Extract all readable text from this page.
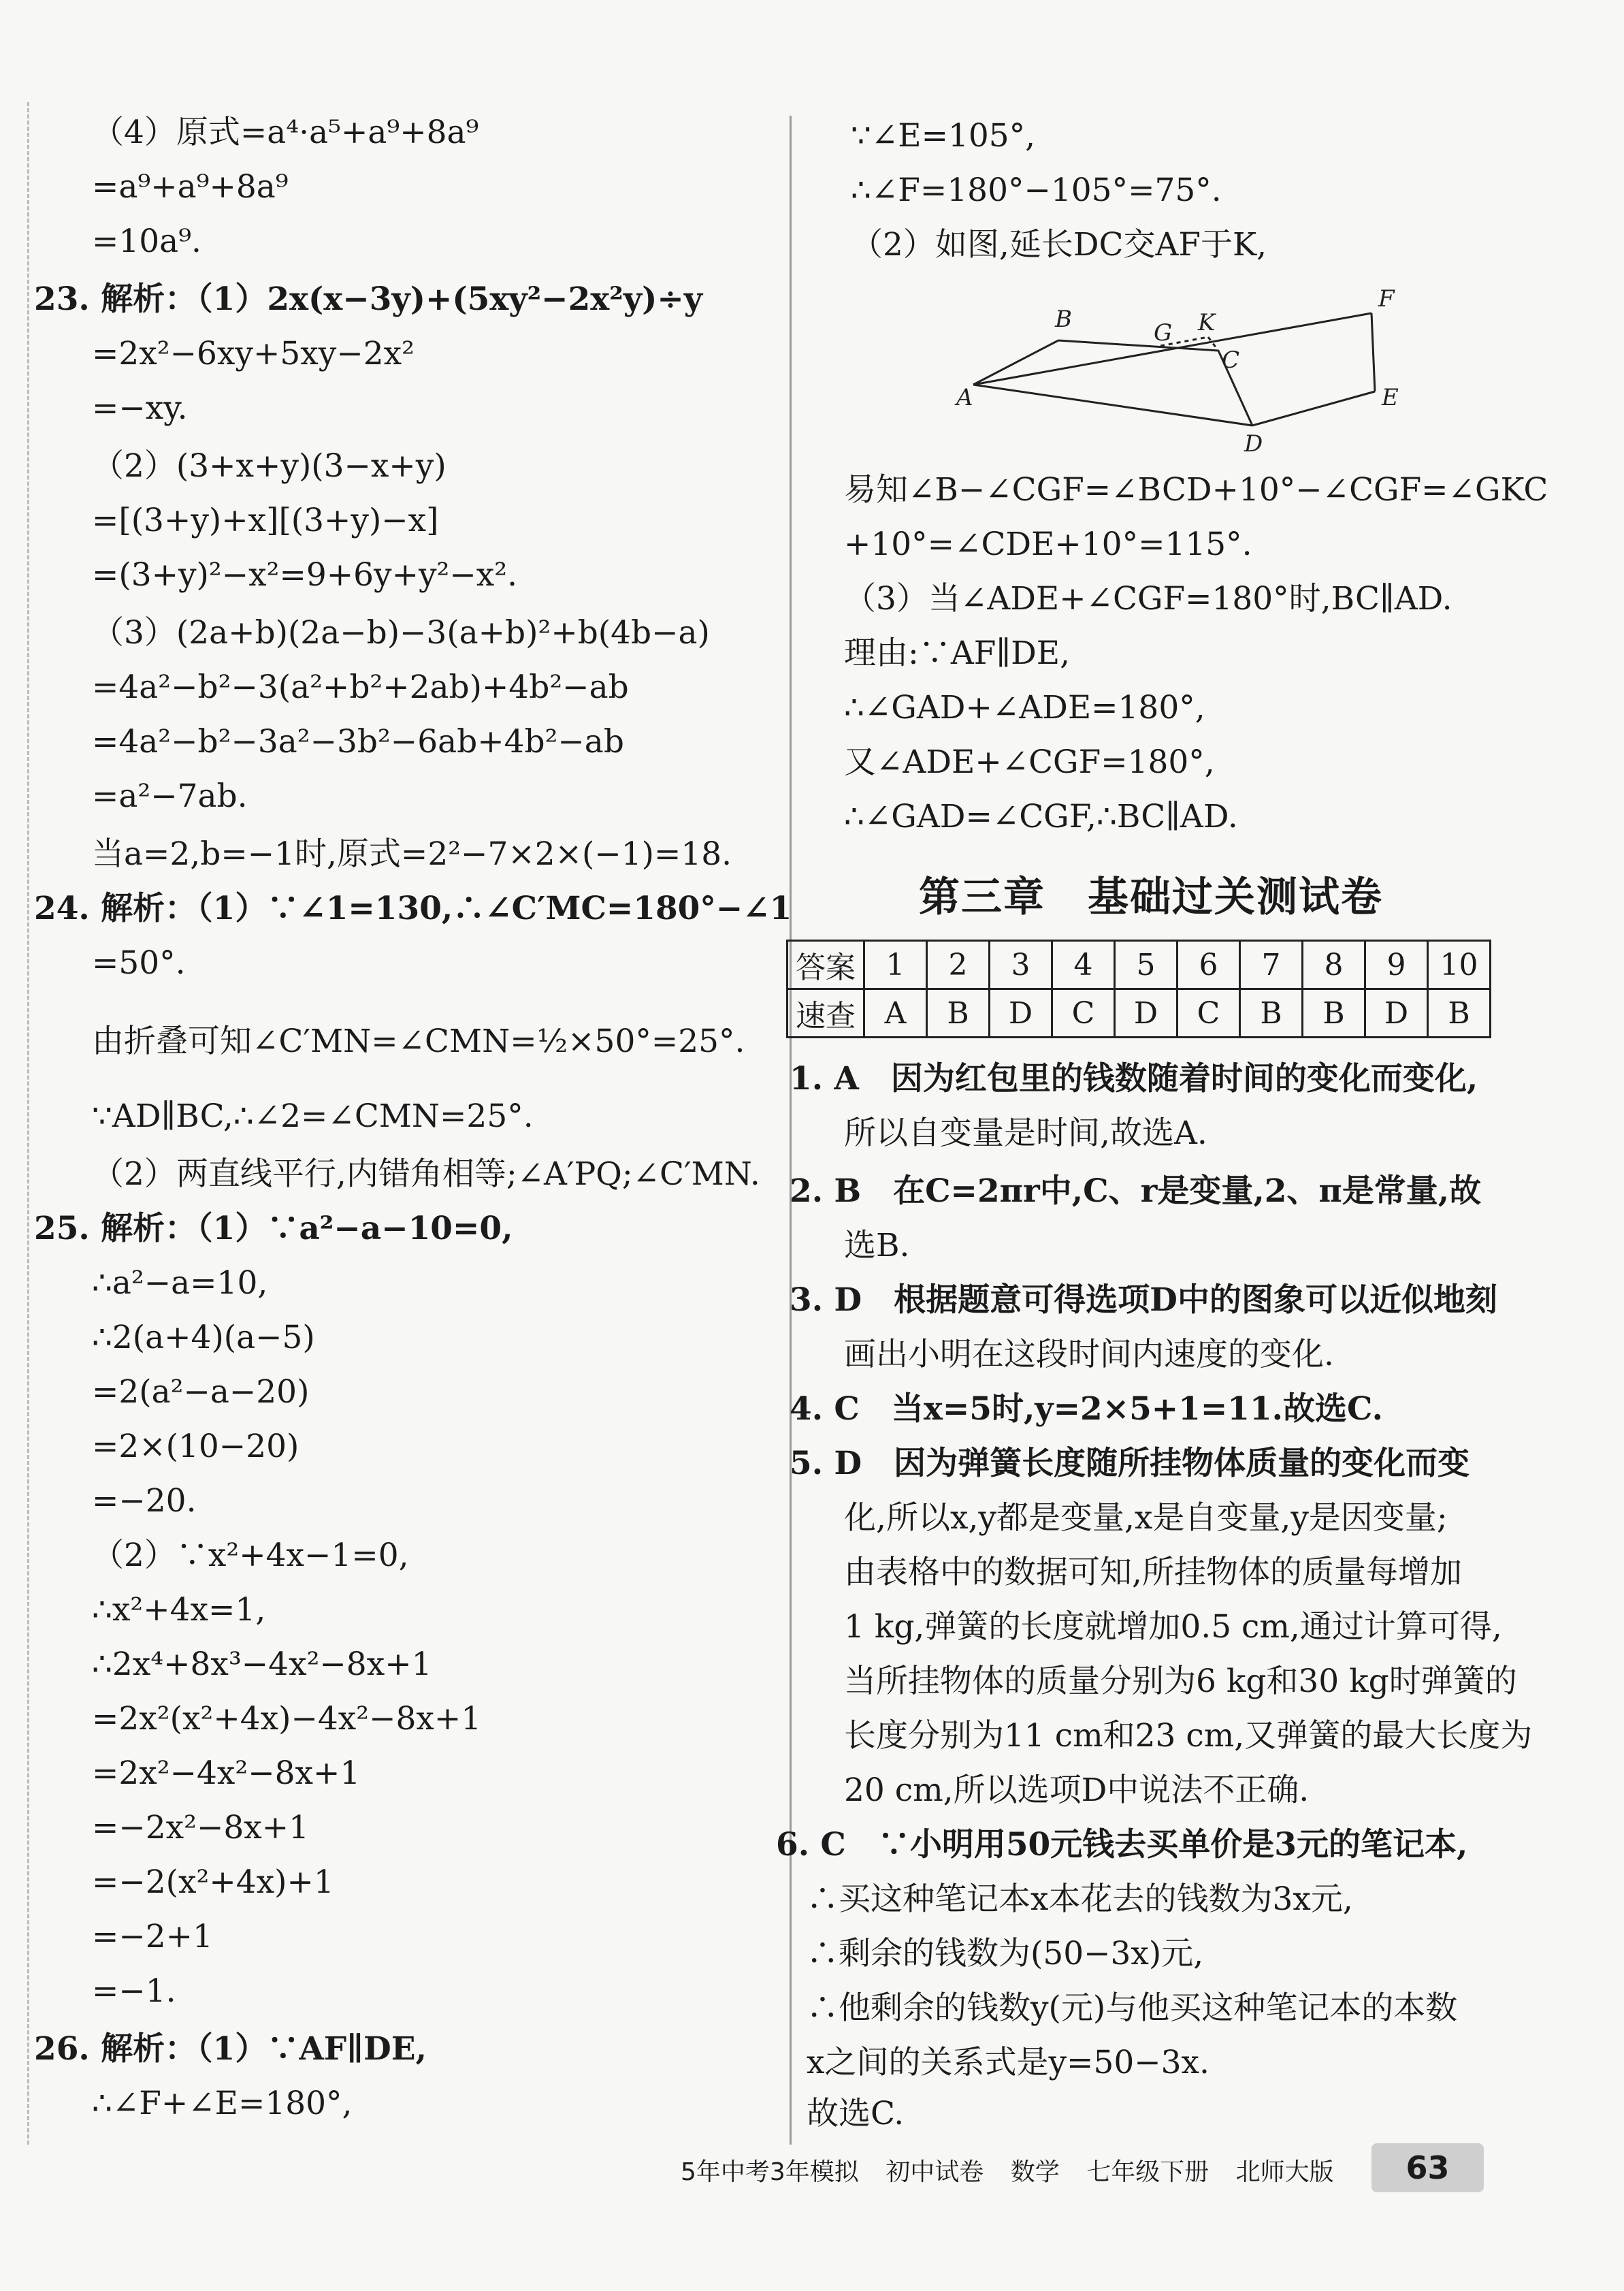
（4）原式=a⁴·a⁵+a⁹+8a⁹
=a⁹+a⁹+8a⁹
=10a⁹.
23. 解析：（1）2x(x−3y)+(5xy²−2x²y)÷y
=2x²−6xy+5xy−2x²
=−xy.
（2）(3+x+y)(3−x+y)
=[(3+y)+x][(3+y)−x]
=(3+y)²−x²=9+6y+y²−x².
（3）(2a+b)(2a−b)−3(a+b)²+b(4b−a)
=4a²−b²−3(a²+b²+2ab)+4b²−ab
=4a²−b²−3a²−3b²−6ab+4b²−ab
=a²−7ab.
当a=2,b=−1时,原式=2²−7×2×(−1)=18.
24. 解析：（1）∵∠1=130,∴∠C′MC=180°−∠1
=50°.
由折叠可知∠C′MN=∠CMN=½×50°=25°.
∵AD∥BC,∴∠2=∠CMN=25°.
（2）两直线平行,内错角相等;∠A′PQ;∠C′MN.
25. 解析：（1）∵a²−a−10=0,
∴a²−a=10,
∴2(a+4)(a−5)
=2(a²−a−20)
=2×(10−20)
=−20.
（2）∵x²+4x−1=0,
∴x²+4x=1,
∴2x⁴+8x³−4x²−8x+1
=2x²(x²+4x)−4x²−8x+1
=2x²−4x²−8x+1
=−2x²−8x+1
=−2(x²+4x)+1
=−2+1
=−1.
26. 解析：（1）∵AF∥DE,
∴∠F+∠E=180°,
∵∠E=105°,
∴∠F=180°−105°=75°.
（2）如图,延长DC交AF于K,
B	G K
C
F
A	E
D
易知∠B−∠CGF=∠BCD+10°−∠CGF=∠GKC
+10°=∠CDE+10°=115°.
（3）当∠ADE+∠CGF=180°时,BC∥AD.
理由:∵AF∥DE,
∴∠GAD+∠ADE=180°,
又∠ADE+∠CGF=180°,
∴∠GAD=∠CGF,∴BC∥AD.
第三章　基础过关测试卷
答案	1	2	3	4	5	6	7	8	9	10
速查	A	B	D	C	D	C	B	B	D	B
1. A　因为红包里的钱数随着时间的变化而变化,
所以自变量是时间,故选A.
2. B　在C=2πr中,C、r是变量,2、π是常量,故
选B.
3. D　根据题意可得选项D中的图象可以近似地刻
画出小明在这段时间内速度的变化.
4. C　当x=5时,y=2×5+1=11.故选C.
5. D　因为弹簧长度随所挂物体质量的变化而变
化,所以x,y都是变量,x是自变量,y是因变量;
由表格中的数据可知,所挂物体的质量每增加
1 kg,弹簧的长度就增加0.5 cm,通过计算可得,
当所挂物体的质量分别为6 kg和30 kg时弹簧的
长度分别为11 cm和23 cm,又弹簧的最大长度为
20 cm,所以选项D中说法不正确.
6. C　∵小明用50元钱去买单价是3元的笔记本,
∴买这种笔记本x本花去的钱数为3x元,
∴剩余的钱数为(50−3x)元,
∴他剩余的钱数y(元)与他买这种笔记本的本数
x之间的关系式是y=50−3x.
故选C.
5年中考3年模拟 初中试卷 数学 七年级下册 北师大版	63
